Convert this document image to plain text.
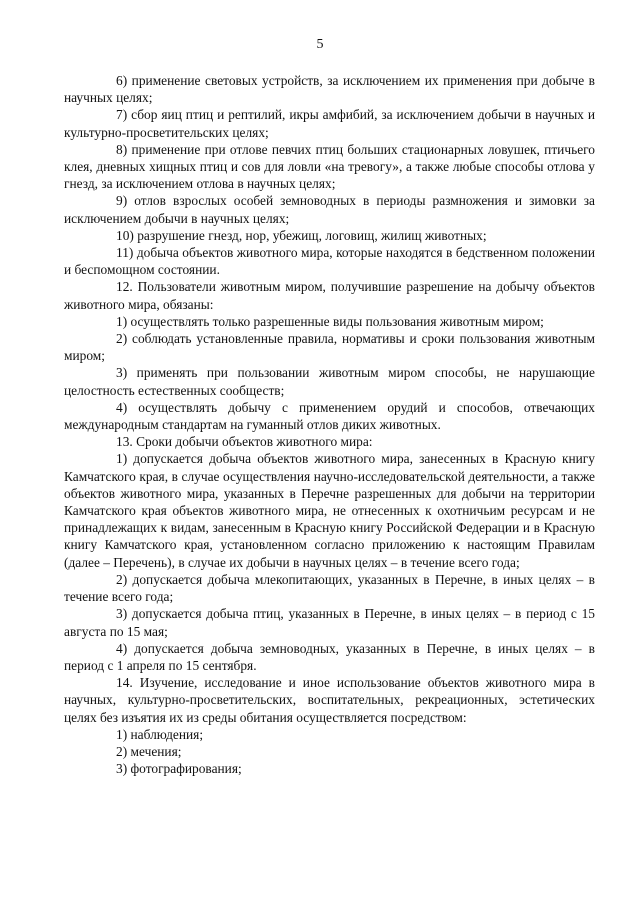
5

6) применение световых устройств, за исключением их применения при добыче в научных целях;

7) сбор яиц птиц и рептилий, икры амфибий, за исключением добычи в научных и культурно-просветительских целях;

8) применение при отлове певчих птиц больших стационарных ловушек, птичьего клея, дневных хищных птиц и сов для ловли «на тревогу», а также любые способы отлова у гнезд, за исключением отлова в научных целях;

9) отлов взрослых особей земноводных в периоды размножения и зимовки за исключением добычи в научных целях;

10) разрушение гнезд, нор, убежищ, логовищ, жилищ животных;

11) добыча объектов животного мира, которые находятся в бедственном положении и беспомощном состоянии.

12. Пользователи животным миром, получившие разрешение на добычу объектов животного мира, обязаны:

1) осуществлять только разрешенные виды пользования животным миром;

2) соблюдать установленные правила, нормативы и сроки пользования животным миром;

3) применять при пользовании животным миром способы, не нарушающие целостность естественных сообществ;

4) осуществлять добычу с применением орудий и способов, отвечающих международным стандартам на гуманный отлов диких животных.

13. Сроки добычи объектов животного мира:

1) допускается добыча объектов животного мира, занесенных в Красную книгу Камчатского края, в случае осуществления научно-исследовательской деятельности, а также объектов животного мира, указанных в Перечне разрешенных для добычи на территории Камчатского края объектов животного мира, не отнесенных к охотничьим ресурсам и не принадлежащих к видам, занесенным в Красную книгу Российской Федерации и в Красную книгу Камчатского края, установленном согласно приложению к настоящим Правилам (далее – Перечень), в случае их добычи в научных целях – в течение всего года;

2) допускается добыча млекопитающих, указанных в Перечне, в иных целях – в течение всего года;

3) допускается добыча птиц, указанных в Перечне, в иных целях – в период с 15 августа по 15 мая;

4) допускается добыча земноводных, указанных в Перечне, в иных целях – в период с 1 апреля по 15 сентября.

14. Изучение, исследование и иное использование объектов животного мира в научных, культурно-просветительских, воспитательных, рекреационных, эстетических целях без изъятия их из среды обитания осуществляется посредством:

1) наблюдения;

2) мечения;

3) фотографирования;
